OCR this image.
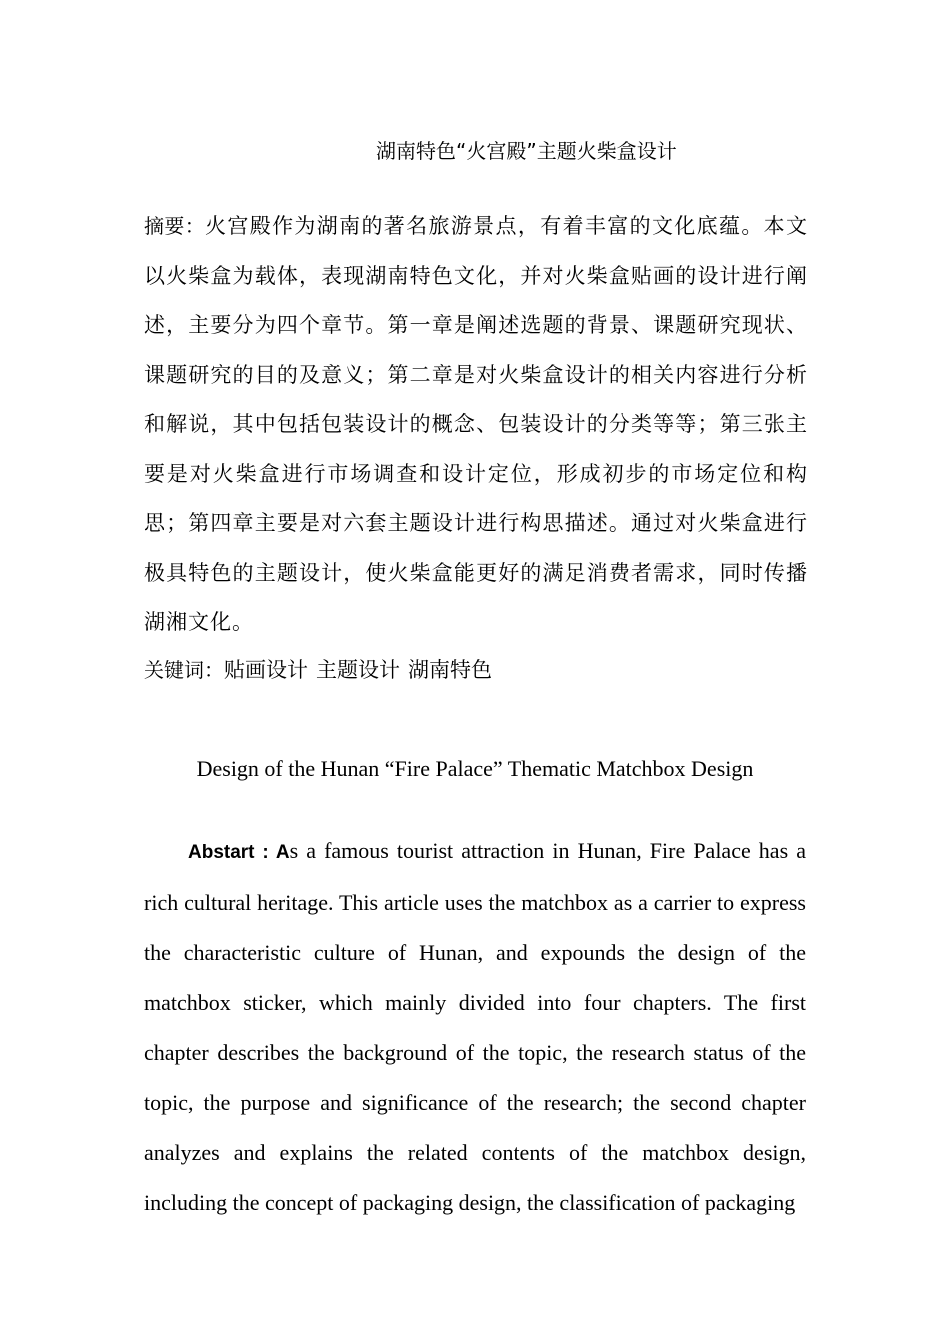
湖南特色“火宫殿”主题火柴盒设计
摘要：火宫殿作为湖南的著名旅游景点，有着丰富的文化底蕴。本文以火柴盒为载体，表现湖南特色文化，并对火柴盒贴画的设计进行阐述，主要分为四个章节。第一章是阐述选题的背景、课题研究现状、课题研究的目的及意义；第二章是对火柴盒设计的相关内容进行分析和解说，其中包括包装设计的概念、包装设计的分类等等；第三张主要是对火柴盒进行市场调查和设计定位，形成初步的市场定位和构思；第四章主要是对六套主题设计进行构思描述。通过对火柴盒进行极具特色的主题设计，使火柴盒能更好的满足消费者需求，同时传播湖湘文化。
关键词：贴画设计 主题设计 湖南特色
Design of the Hunan “Fire Palace” Thematic Matchbox Design
Abstart : As a famous tourist attraction in Hunan, Fire Palace has a rich cultural heritage. This article uses the matchbox as a carrier to express the characteristic culture of Hunan, and expounds the design of the matchbox sticker, which mainly divided into four chapters. The first chapter describes the background of the topic, the research status of the topic, the purpose and significance of the research; the second chapter analyzes and explains the related contents of the matchbox design, including the concept of packaging design, the classification of packaging
